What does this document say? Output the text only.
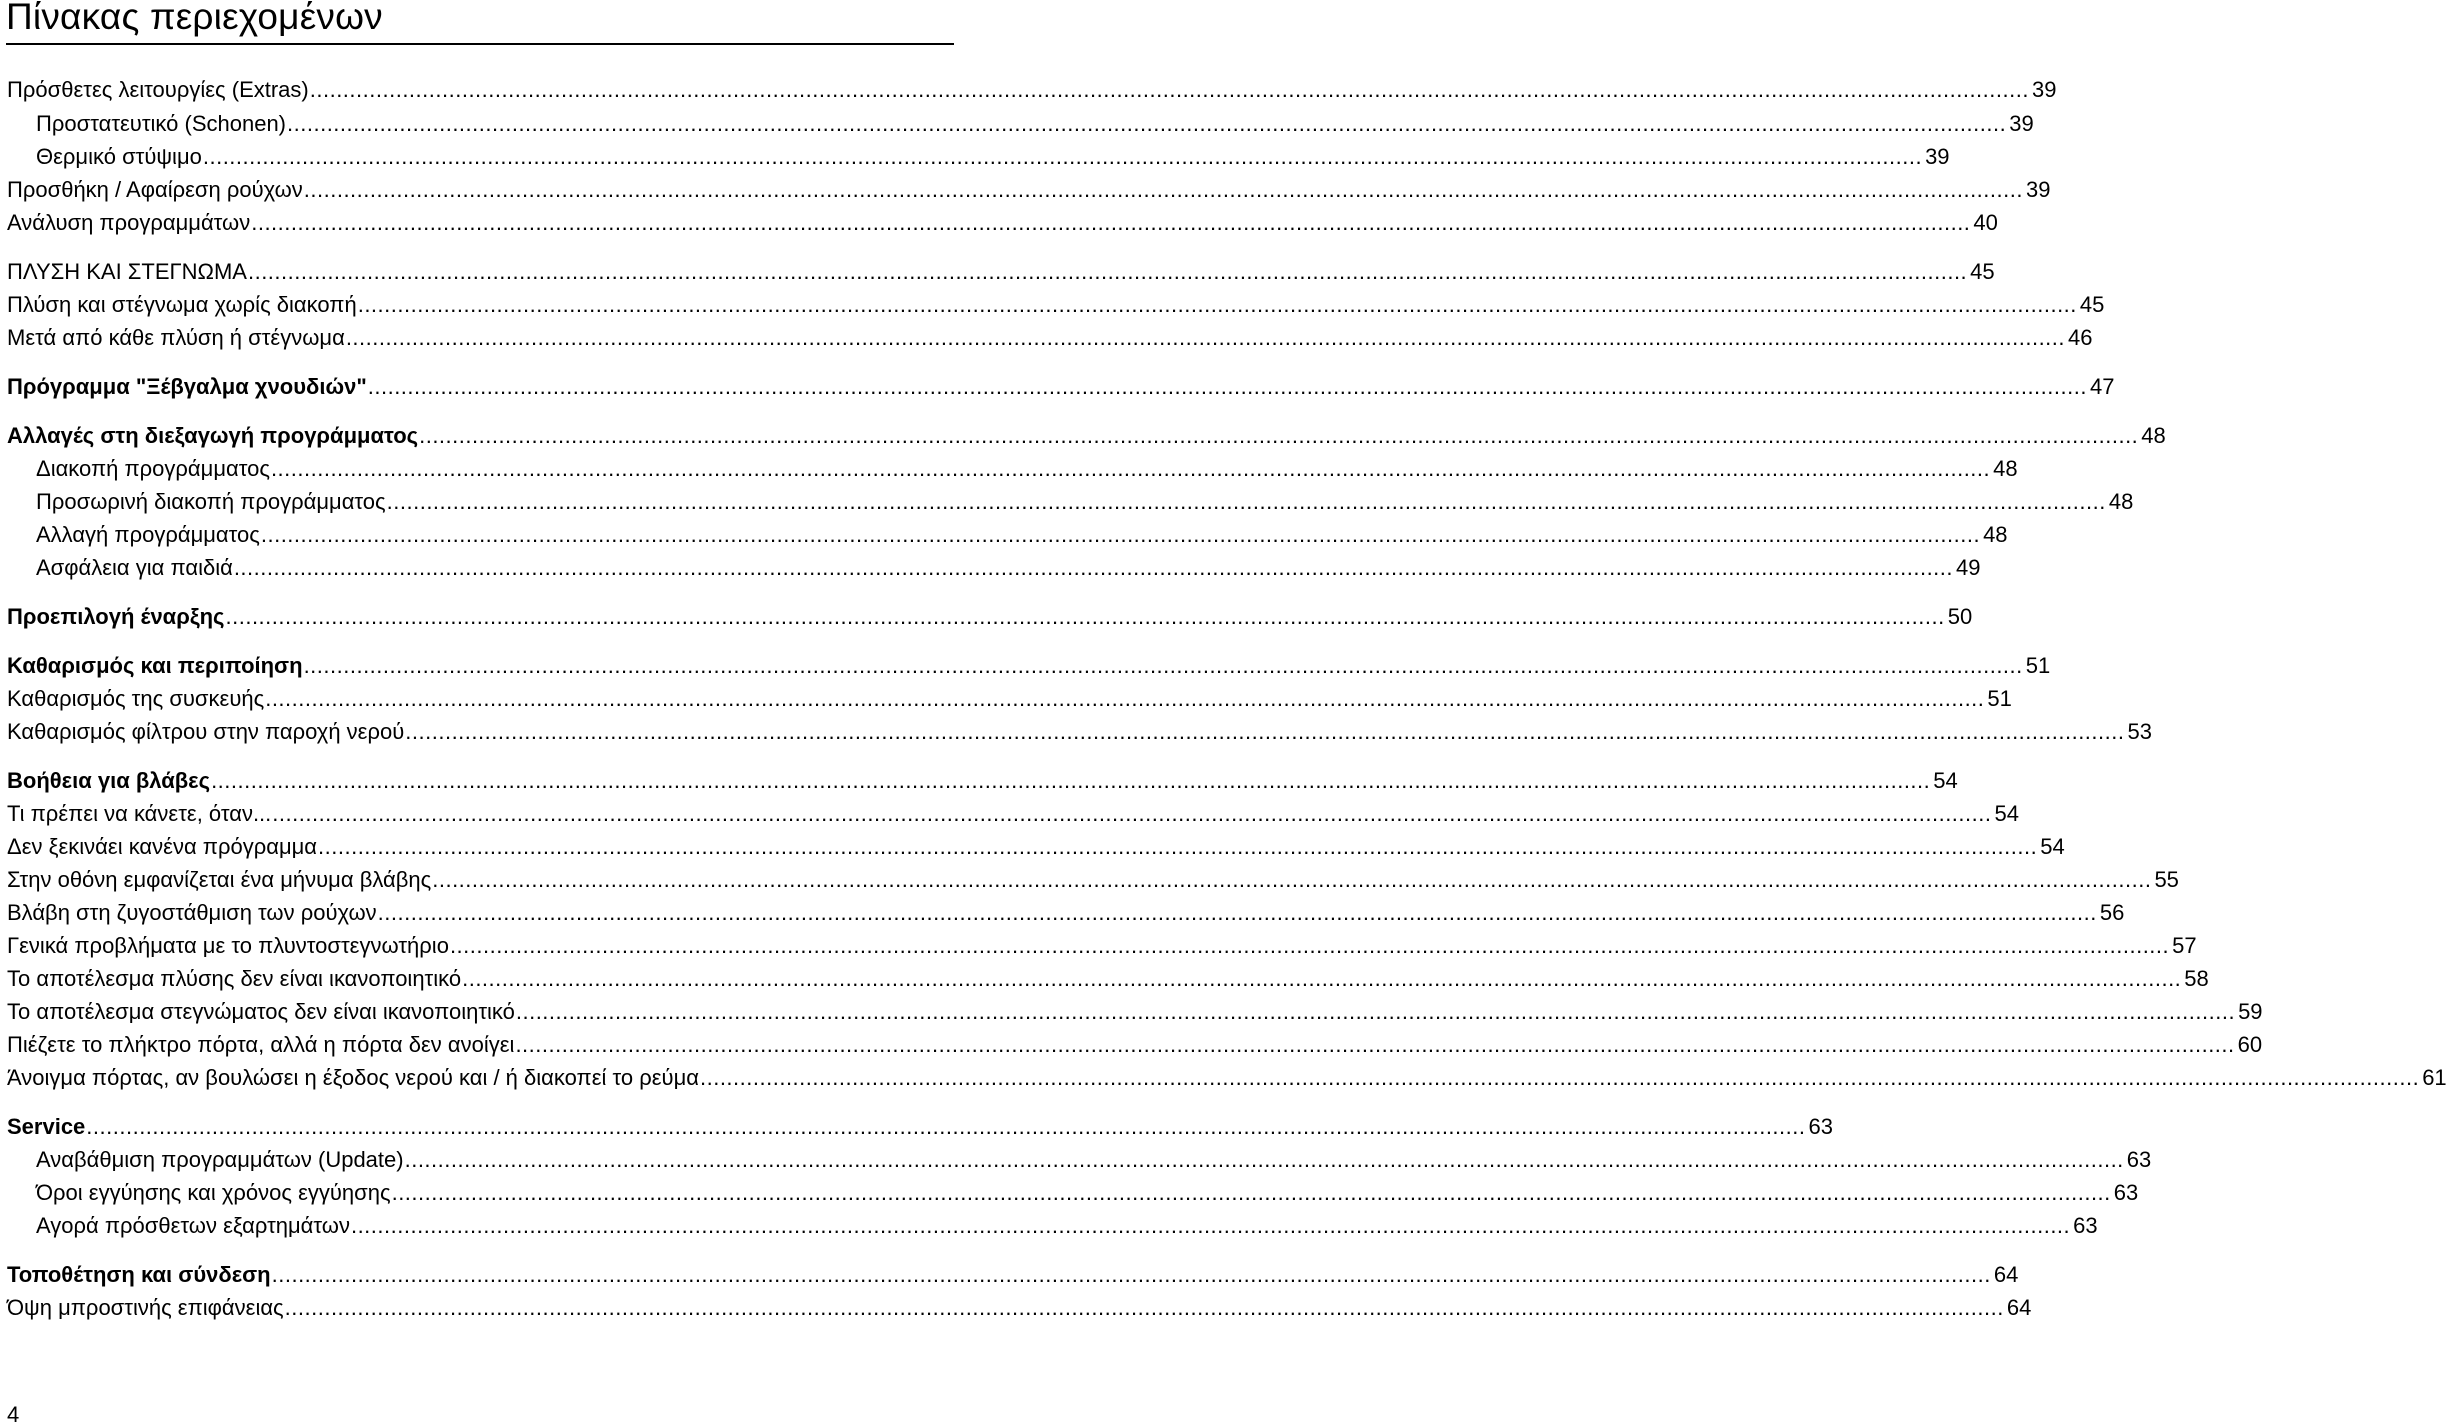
Πίνακας περιεχομένων
Πρόσθετες λειτουργίες (Extras) .................................................................................................................................................................................................................................................................... 39
Προστατευτικό (Schonen) .................................................................................................................................................................................................................................................................... 39
Θερμικό στύψιμο .................................................................................................................................................................................................................................................................... 39
Προσθήκη / Αφαίρεση ρούχων .................................................................................................................................................................................................................................................................... 39
Ανάλυση προγραμμάτων .................................................................................................................................................................................................................................................................... 40
ΠΛΥΣΗ ΚΑΙ ΣΤΕΓΝΩΜΑ .................................................................................................................................................................................................................................................................... 45
Πλύση και στέγνωμα χωρίς διακοπή .................................................................................................................................................................................................................................................................... 45
Μετά από κάθε πλύση ή στέγνωμα .................................................................................................................................................................................................................................................................... 46
Πρόγραμμα "Ξέβγαλμα χνουδιών" .................................................................................................................................................................................................................................................................... 47
Αλλαγές στη διεξαγωγή προγράμματος .................................................................................................................................................................................................................................................................... 48
Διακοπή προγράμματος .................................................................................................................................................................................................................................................................... 48
Προσωρινή διακοπή προγράμματος .................................................................................................................................................................................................................................................................... 48
Αλλαγή προγράμματος .................................................................................................................................................................................................................................................................... 48
Ασφάλεια για παιδιά .................................................................................................................................................................................................................................................................... 49
Προεπιλογή έναρξης .................................................................................................................................................................................................................................................................... 50
Καθαρισμός και περιποίηση .................................................................................................................................................................................................................................................................... 51
Καθαρισμός της συσκευής .................................................................................................................................................................................................................................................................... 51
Καθαρισμός φίλτρου στην παροχή νερού .................................................................................................................................................................................................................................................................... 53
Βοήθεια για βλάβες .................................................................................................................................................................................................................................................................... 54
Τι πρέπει να κάνετε, όταν... .................................................................................................................................................................................................................................................................... 54
Δεν ξεκινάει κανένα πρόγραμμα .................................................................................................................................................................................................................................................................... 54
Στην οθόνη εμφανίζεται ένα μήνυμα βλάβης .................................................................................................................................................................................................................................................................... 55
Βλάβη στη ζυγοστάθμιση των ρούχων .................................................................................................................................................................................................................................................................... 56
Γενικά προβλήματα με το πλυντοστεγνωτήριο .................................................................................................................................................................................................................................................................... 57
Το αποτέλεσμα πλύσης δεν είναι ικανοποιητικό .................................................................................................................................................................................................................................................................... 58
Το αποτέλεσμα στεγνώματος δεν είναι ικανοποιητικό .................................................................................................................................................................................................................................................................... 59
Πιέζετε το πλήκτρο πόρτα, αλλά η πόρτα δεν ανοίγει .................................................................................................................................................................................................................................................................... 60
Άνοιγμα πόρτας, αν βουλώσει η έξοδος νερού και / ή διακοπεί το ρεύμα .................................................................................................................................................................................................................................................................... 61
Service .................................................................................................................................................................................................................................................................... 63
Αναβάθμιση προγραμμάτων (Update) .................................................................................................................................................................................................................................................................... 63
Όροι εγγύησης και χρόνος εγγύησης .................................................................................................................................................................................................................................................................... 63
Αγορά πρόσθετων εξαρτημάτων .................................................................................................................................................................................................................................................................... 63
Τοποθέτηση και σύνδεση .................................................................................................................................................................................................................................................................... 64
Όψη μπροστινής επιφάνειας .................................................................................................................................................................................................................................................................... 64
4
